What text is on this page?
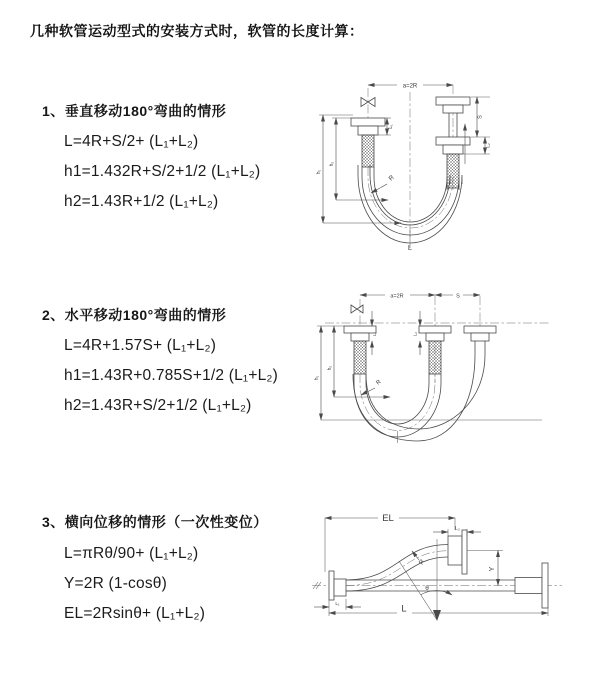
几种软管运动型式的安装方式时，软管的长度计算：
1、垂直移动180°弯曲的情形
L=4R+S/2+ (L₁+L₂)
h1=1.432R+S/2+1/2 (L₁+L₂)
h2=1.43R+1/2 (L₁+L₂)
2、水平移动180°弯曲的情形
L=4R+1.57S+ (L₁+L₂)
h1=1.43R+0.785S+1/2 (L₁+L₂)
h2=1.43R+S/2+1/2 (L₁+L₂)
3、横向位移的情形（一次性变位）
L=πRθ/90+ (L₁+L₂)
Y=2R (1-cosθ)
EL=2Rsinθ+ (L₁+L₂)
a=2R
L₁
S
L₂
h₁
h₂
R
L
a=2R	S
L₁	L₂
h₁
h₂
R
EL
L₂
Y
θ
R
L
L₁
